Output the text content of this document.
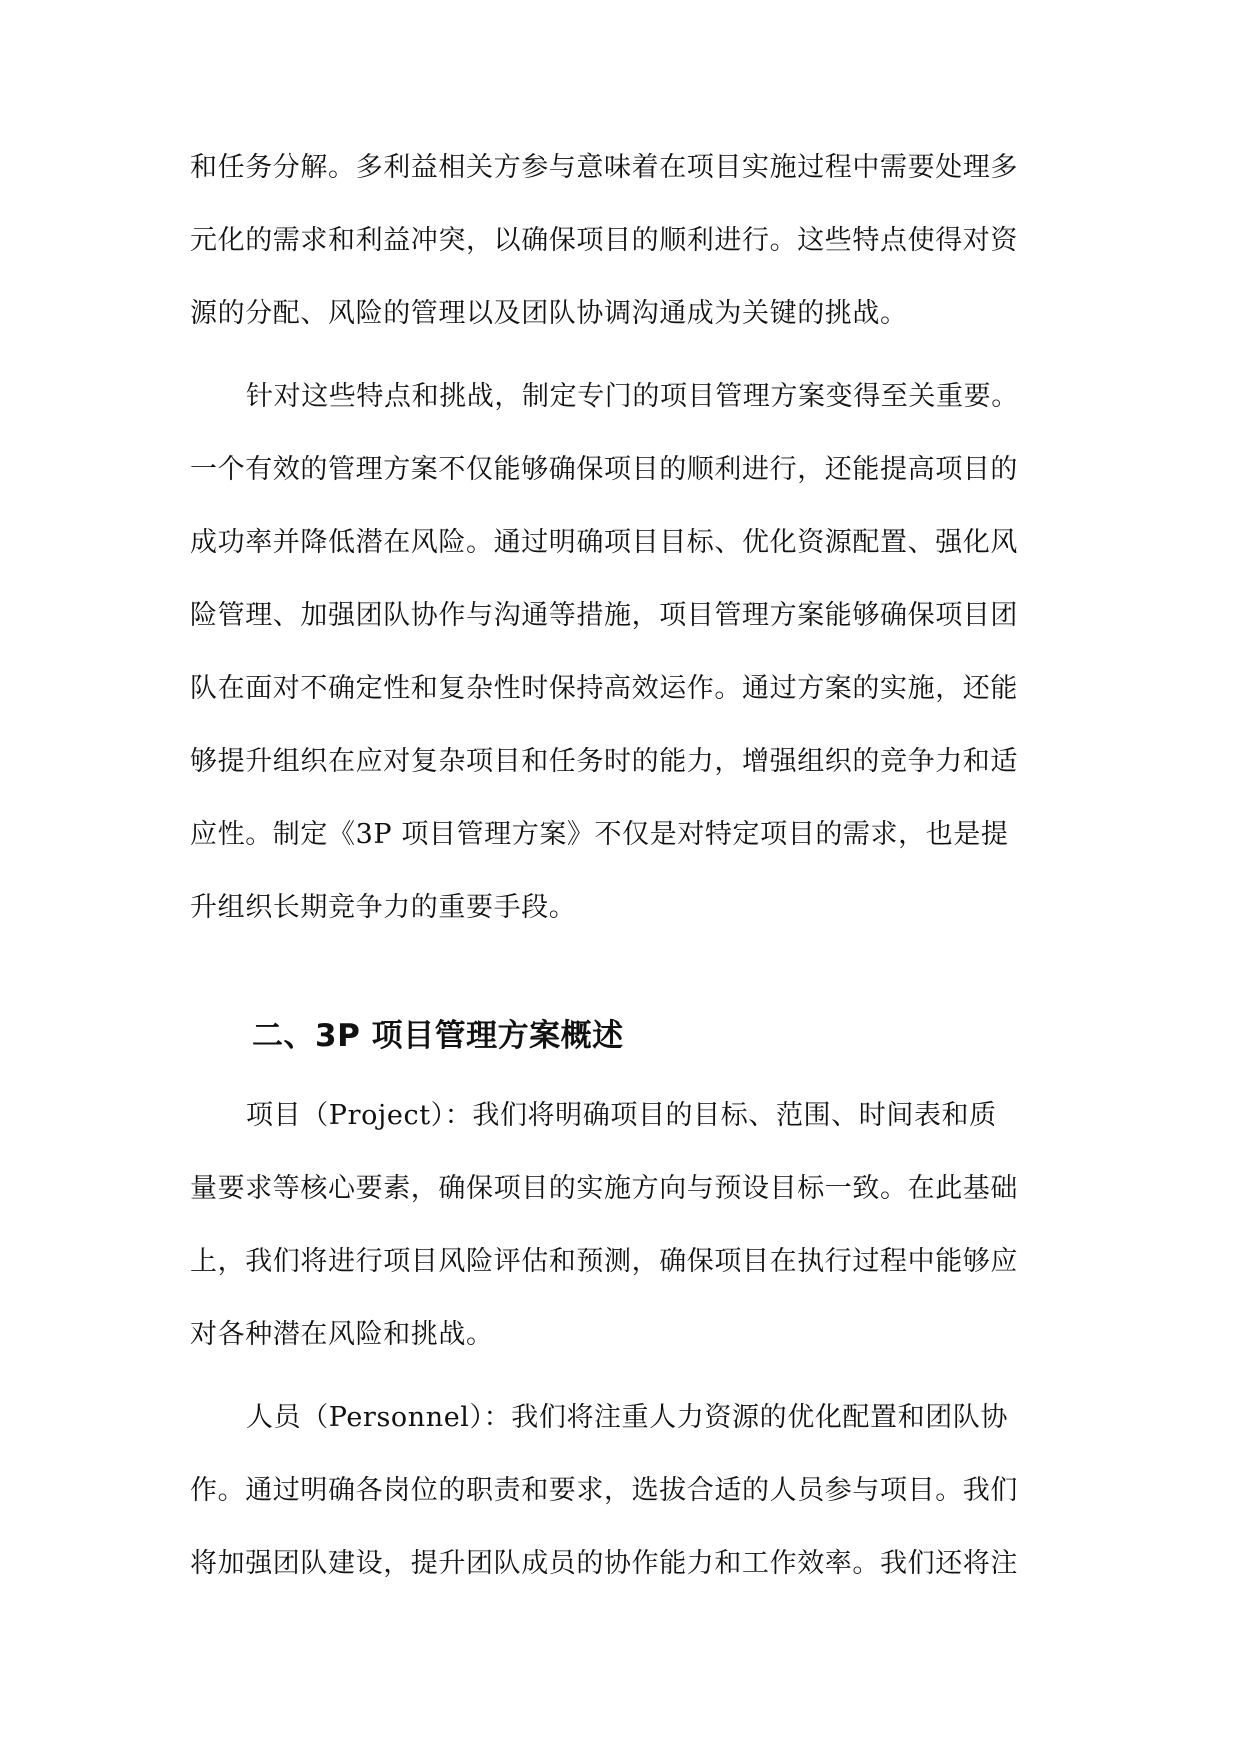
和任务分解。多利益相关方参与意味着在项目实施过程中需要处理多
元化的需求和利益冲突，以确保项目的顺利进行。这些特点使得对资
源的分配、风险的管理以及团队协调沟通成为关键的挑战。
针对这些特点和挑战，制定专门的项目管理方案变得至关重要。
一个有效的管理方案不仅能够确保项目的顺利进行，还能提高项目的
成功率并降低潜在风险。通过明确项目目标、优化资源配置、强化风
险管理、加强团队协作与沟通等措施，项目管理方案能够确保项目团
队在面对不确定性和复杂性时保持高效运作。通过方案的实施，还能
够提升组织在应对复杂项目和任务时的能力，增强组织的竞争力和适
应性。制定《3P 项目管理方案》不仅是对特定项目的需求，也是提
升组织长期竞争力的重要手段。
二、3P 项目管理方案概述
项目（Project）：我们将明确项目的目标、范围、时间表和质
量要求等核心要素，确保项目的实施方向与预设目标一致。在此基础
上，我们将进行项目风险评估和预测，确保项目在执行过程中能够应
对各种潜在风险和挑战。
人员（Personnel）：我们将注重人力资源的优化配置和团队协
作。通过明确各岗位的职责和要求，选拔合适的人员参与项目。我们
将加强团队建设，提升团队成员的协作能力和工作效率。我们还将注
